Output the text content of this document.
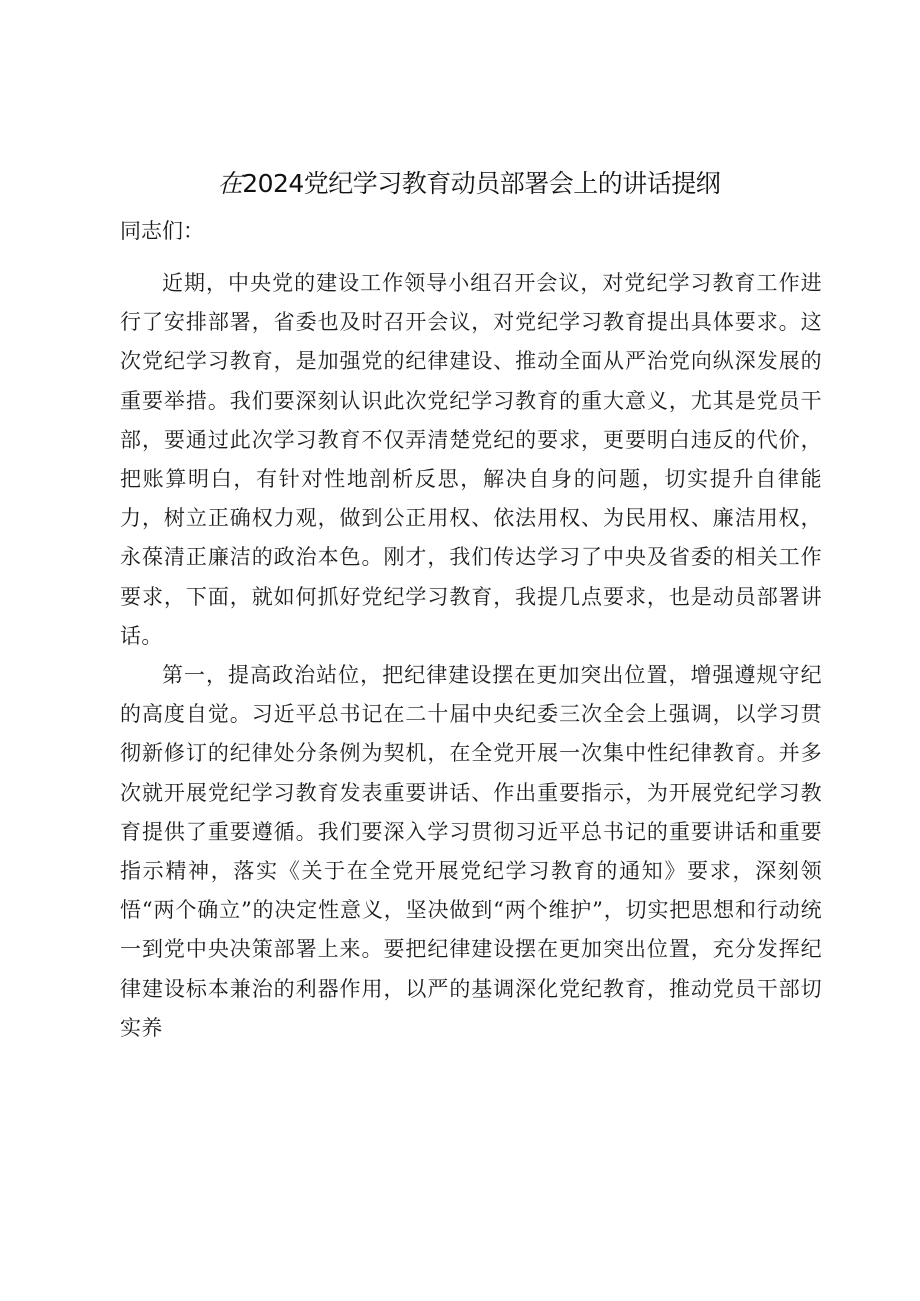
在2024党纪学习教育动员部署会上的讲话提纲
同志们：

近期，中央党的建设工作领导小组召开会议，对党纪学习教育工作进行了安排部署，省委也及时召开会议，对党纪学习教育提出具体要求。这次党纪学习教育，是加强党的纪律建设、推动全面从严治党向纵深发展的重要举措。我们要深刻认识此次党纪学习教育的重大意义，尤其是党员干部，要通过此次学习教育不仅弄清楚党纪的要求，更要明白违反的代价，把账算明白，有针对性地剖析反思，解决自身的问题，切实提升自律能力，树立正确权力观，做到公正用权、依法用权、为民用权、廉洁用权，永葆清正廉洁的政治本色。刚才，我们传达学习了中央及省委的相关工作要求，下面，就如何抓好党纪学习教育，我提几点要求，也是动员部署讲话。

第一，提高政治站位，把纪律建设摆在更加突出位置，增强遵规守纪的高度自觉。习近平总书记在二十届中央纪委三次全会上强调，以学习贯彻新修订的纪律处分条例为契机，在全党开展一次集中性纪律教育。并多次就开展党纪学习教育发表重要讲话、作出重要指示，为开展党纪学习教育提供了重要遵循。我们要深入学习贯彻习近平总书记的重要讲话和重要指示精神，落实《关于在全党开展党纪学习教育的通知》要求，深刻领悟“两个确立”的决定性意义，坚决做到“两个维护”，切实把思想和行动统一到党中央决策部署上来。要把纪律建设摆在更加突出位置，充分发挥纪律建设标本兼治的利器作用，以严的基调深化党纪教育，推动党员干部切实养
